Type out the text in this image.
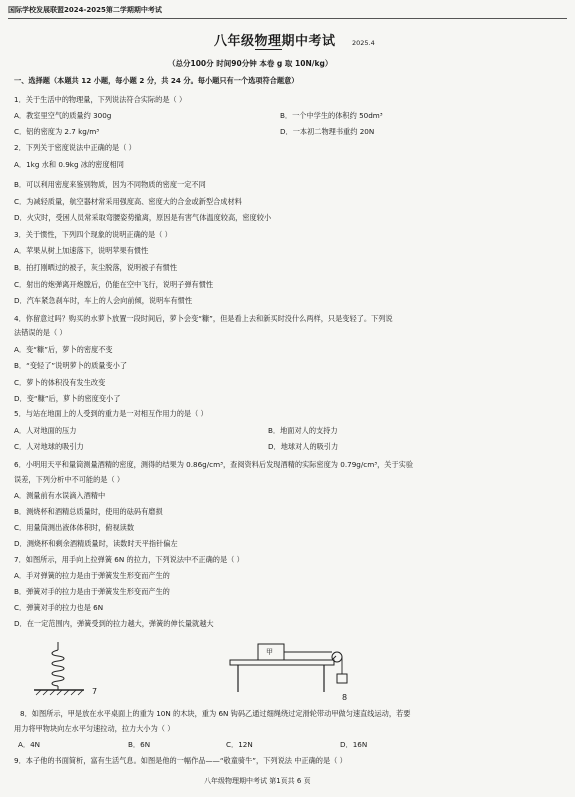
国际学校发展联盟2024-2025第二学期期中考试
八年级物理期中考试	2025.4
（总分100分 时间90分钟 本卷 g 取 10N/kg）
一、选择题（本题共 12 小题，每小题 2 分，共 24 分。每小题只有一个选项符合题意）
1．关于生活中的物理量，下列说法符合实际的是（ ）
A．教室里空气的质量约 300g	B．一个中学生的体积约 50dm³
C．铝的密度为 2.7 kg/m³	D．一本初二物理书重约 20N
2．下列关于密度说法中正确的是（ ）
A．1kg 水和 0.9kg 冰的密度相同
B．可以利用密度来鉴别物质，因为不同物质的密度一定不同
C．为减轻质量，航空器材常采用强度高、密度大的合金或新型合成材料
D．火灾时，受困人员常采取弯腰姿势撤离，原因是有害气体温度较高，密度较小
3．关于惯性，下列四个现象的说明正确的是（ ）
A．苹果从树上加速落下，说明苹果有惯性
B．拍打刚晒过的被子，灰尘脱落，说明被子有惯性
C．射出的炮弹离开炮膛后，仍能在空中飞行，说明子弹有惯性
D．汽车紧急刹车时，车上的人会向前倾，说明车有惯性
4．你留意过吗？购买的水萝卜放置一段时间后，萝卜会变“糠”，但是看上去和新买时没什么两样，只是变轻了。下列说
法错误的是（ ）
A．变“糠”后，萝卜的密度不变
B．“变轻了”说明萝卜的质量变小了
C．萝卜的体积没有发生改变
D．变“糠”后，萝卜的密度变小了
5．与站在地面上的人受到的重力是一对相互作用力的是（ ）
A．人对地面的压力	B．地面对人的支持力
C．人对地球的吸引力	D．地球对人的吸引力
6．小明用天平和量筒测量酒精的密度，测得的结果为 0.86g/cm³，查阅资料后发现酒精的实际密度为 0.79g/cm³，关于实验
误差，下列分析中不可能的是（ ）
A．测量前有水误滴入酒精中
B．测烧杯和酒精总质量时，使用的砝码有磨损
C．用量筒测出液体体积时，俯视读数
D．测烧杯和剩余酒精质量时，读数时天平指针偏左
7．如图所示，用手向上拉弹簧 6N 的拉力，下列说法中不正确的是（ ）
A．手对弹簧的拉力是由于弹簧发生形变而产生的
B．弹簧对手的拉力是由于弹簧发生形变而产生的
C．弹簧对手的拉力也是 6N
D．在一定范围内，弹簧受到的拉力越大，弹簧的伸长量就越大
7
甲
8
8．如图所示，甲是放在水平桌面上的重为 10N 的木块，重为 6N 钩码乙通过细绳绕过定滑轮带动甲做匀速直线运动，若要
用力将甲物块向左水平匀速拉动，拉力大小为（ ）
A．4N	B．6N	C．12N	D．16N
9．本子他的书面简析，富有生活气息。如图是他的一幅作品——“敬童骑牛”，下列说法 中正确的是（ ）
八年级物理期中考试 第1页共 6 页
